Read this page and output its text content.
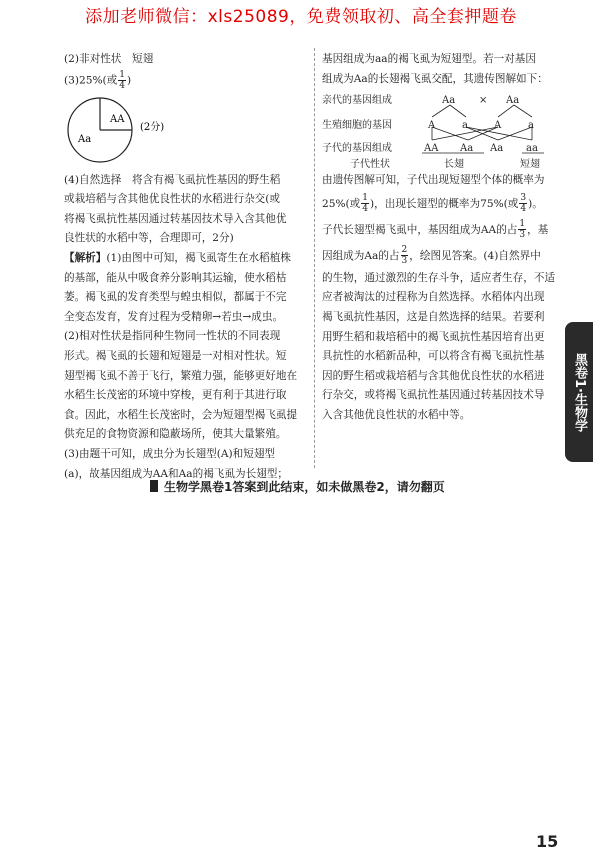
添加老师微信：xls25089，免费领取初、高全套押题卷
(2)非对性状　短翅
(3)25%(或 $\frac{1}{4}$ )
AA
Aa
(2分)
(4)自然选择　将含有褐飞虱抗性基因的野生稻
或栽培稻与含其他优良性状的水稻进行杂交(或
将褐飞虱抗性基因通过转基因技术导入含其他优
良性状的水稻中等，合理即可，2分)
【解析】(1)由图中可知，褐飞虱寄生在水稻植株
的基部，能从中吸食养分影响其运输，使水稻枯
萎。褐飞虱的发育类型与蝗虫相似，都属于不完
全变态发育，发育过程为受精卵→若虫→成虫。
(2)相对性状是指同种生物同一性状的不同表现
形式。褐飞虱的长翅和短翅是一对相对性状。短
翅型褐飞虱不善于飞行，繁殖力强，能够更好地在
水稻生长茂密的环境中穿梭，更有利于其进行取
食。因此，水稻生长茂密时，会为短翅型褐飞虱提
供充足的食物资源和隐蔽场所，使其大量繁殖。
(3)由题干可知，成虫分为长翅型(A)和短翅型
(a)，故基因组成为AA和Aa的褐飞虱为长翅型；
基因组成为aa的褐飞虱为短翅型。若一对基因
组成为Aa的长翅褐飞虱交配，其遗传图解如下：
亲代的基因组成	Aa × Aa
生殖细胞的基因	A	a	A	a
子代的基因组成	AA Aa Aa aa
子代性状	长翅	短翅
由遗传图解可知，子代出现短翅型个体的概率为
25%(或 $\frac{1}{4}$ )，出现长翅型的概率为75%(或 $\frac{3}{4}$ )。
子代长翅型褐飞虱中，基因组成为AA的占 $\frac{1}{3}$ ，基
因组成为Aa的占 $\frac{2}{3}$ ，绘图见答案。(4)自然界中
的生物，通过激烈的生存斗争，适应者生存，不适
应者被淘汰的过程称为自然选择。水稻体内出现
褐飞虱抗性基因，这是自然选择的结果。若要利
用野生稻和栽培稻中的褐飞虱抗性基因培育出更
具抗性的水稻新品种，可以将含有褐飞虱抗性基
因的野生稻或栽培稻与含其他优良性状的水稻进
行杂交，或将褐飞虱抗性基因通过转基因技术导
入含其他优良性状的水稻中等。
生物学黑卷1答案到此结束，如未做黑卷2，请勿翻页
黑卷1·生物学
15
